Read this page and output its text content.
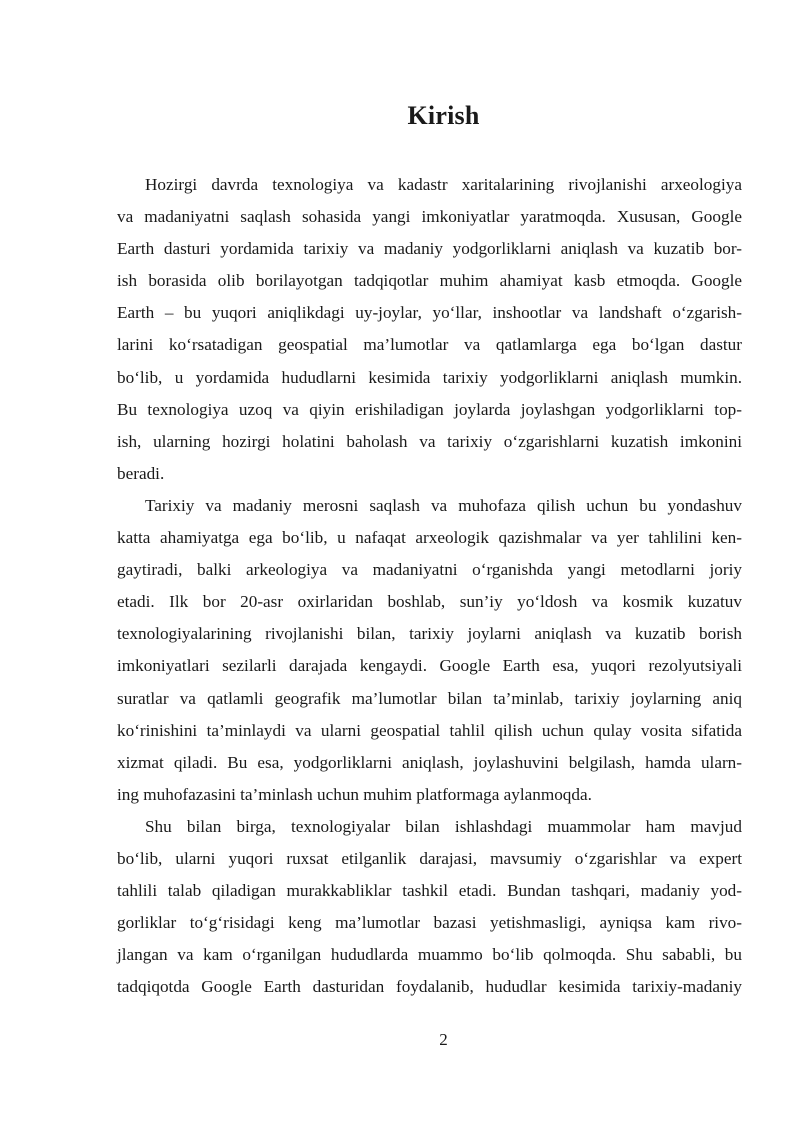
Kirish

Hozirgi davrda texnologiya va kadastr xaritalarining rivojlanishi arxeologiya
va madaniyatni saqlash sohasida yangi imkoniyatlar yaratmoqda. Xususan, Google
Earth dasturi yordamida tarixiy va madaniy yodgorliklarni aniqlash va kuzatib bor-
ish borasida olib borilayotgan tadqiqotlar muhim ahamiyat kasb etmoqda. Google
Earth – bu yuqori aniqlikdagi uy-joylar, yo‘llar, inshootlar va landshaft o‘zgarish-
larini ko‘rsatadigan geospatial ma’lumotlar va qatlamlarga ega bo‘lgan dastur
bo‘lib, u yordamida hududlarni kesimida tarixiy yodgorliklarni aniqlash mumkin.
Bu texnologiya uzoq va qiyin erishiladigan joylarda joylashgan yodgorliklarni top-
ish, ularning hozirgi holatini baholash va tarixiy o‘zgarishlarni kuzatish imkonini
beradi.

Tarixiy va madaniy merosni saqlash va muhofaza qilish uchun bu yondashuv
katta ahamiyatga ega bo‘lib, u nafaqat arxeologik qazishmalar va yer tahlilini ken-
gaytiradi, balki arkeologiya va madaniyatni o‘rganishda yangi metodlarni joriy
etadi. Ilk bor 20-asr oxirlaridan boshlab, sun’iy yo‘ldosh va kosmik kuzatuv
texnologiyalarining rivojlanishi bilan, tarixiy joylarni aniqlash va kuzatib borish
imkoniyatlari sezilarli darajada kengaydi. Google Earth esa, yuqori rezolyutsiyali
suratlar va qatlamli geografik ma’lumotlar bilan ta’minlab, tarixiy joylarning aniq
ko‘rinishini ta’minlaydi va ularni geospatial tahlil qilish uchun qulay vosita sifatida
xizmat qiladi. Bu esa, yodgorliklarni aniqlash, joylashuvini belgilash, hamda ularn-
ing muhofazasini ta’minlash uchun muhim platformaga aylanmoqda.

Shu bilan birga, texnologiyalar bilan ishlashdagi muammolar ham mavjud
bo‘lib, ularni yuqori ruxsat etilganlik darajasi, mavsumiy o‘zgarishlar va expert
tahlili talab qiladigan murakkabliklar tashkil etadi. Bundan tashqari, madaniy yod-
gorliklar to‘g‘risidagi keng ma’lumotlar bazasi yetishmasligi, ayniqsa kam rivo-
jlangan va kam o‘rganilgan hududlarda muammo bo‘lib qolmoqda. Shu sababli, bu
tadqiqotda Google Earth dasturidan foydalanib, hududlar kesimida tarixiy-madaniy

2
